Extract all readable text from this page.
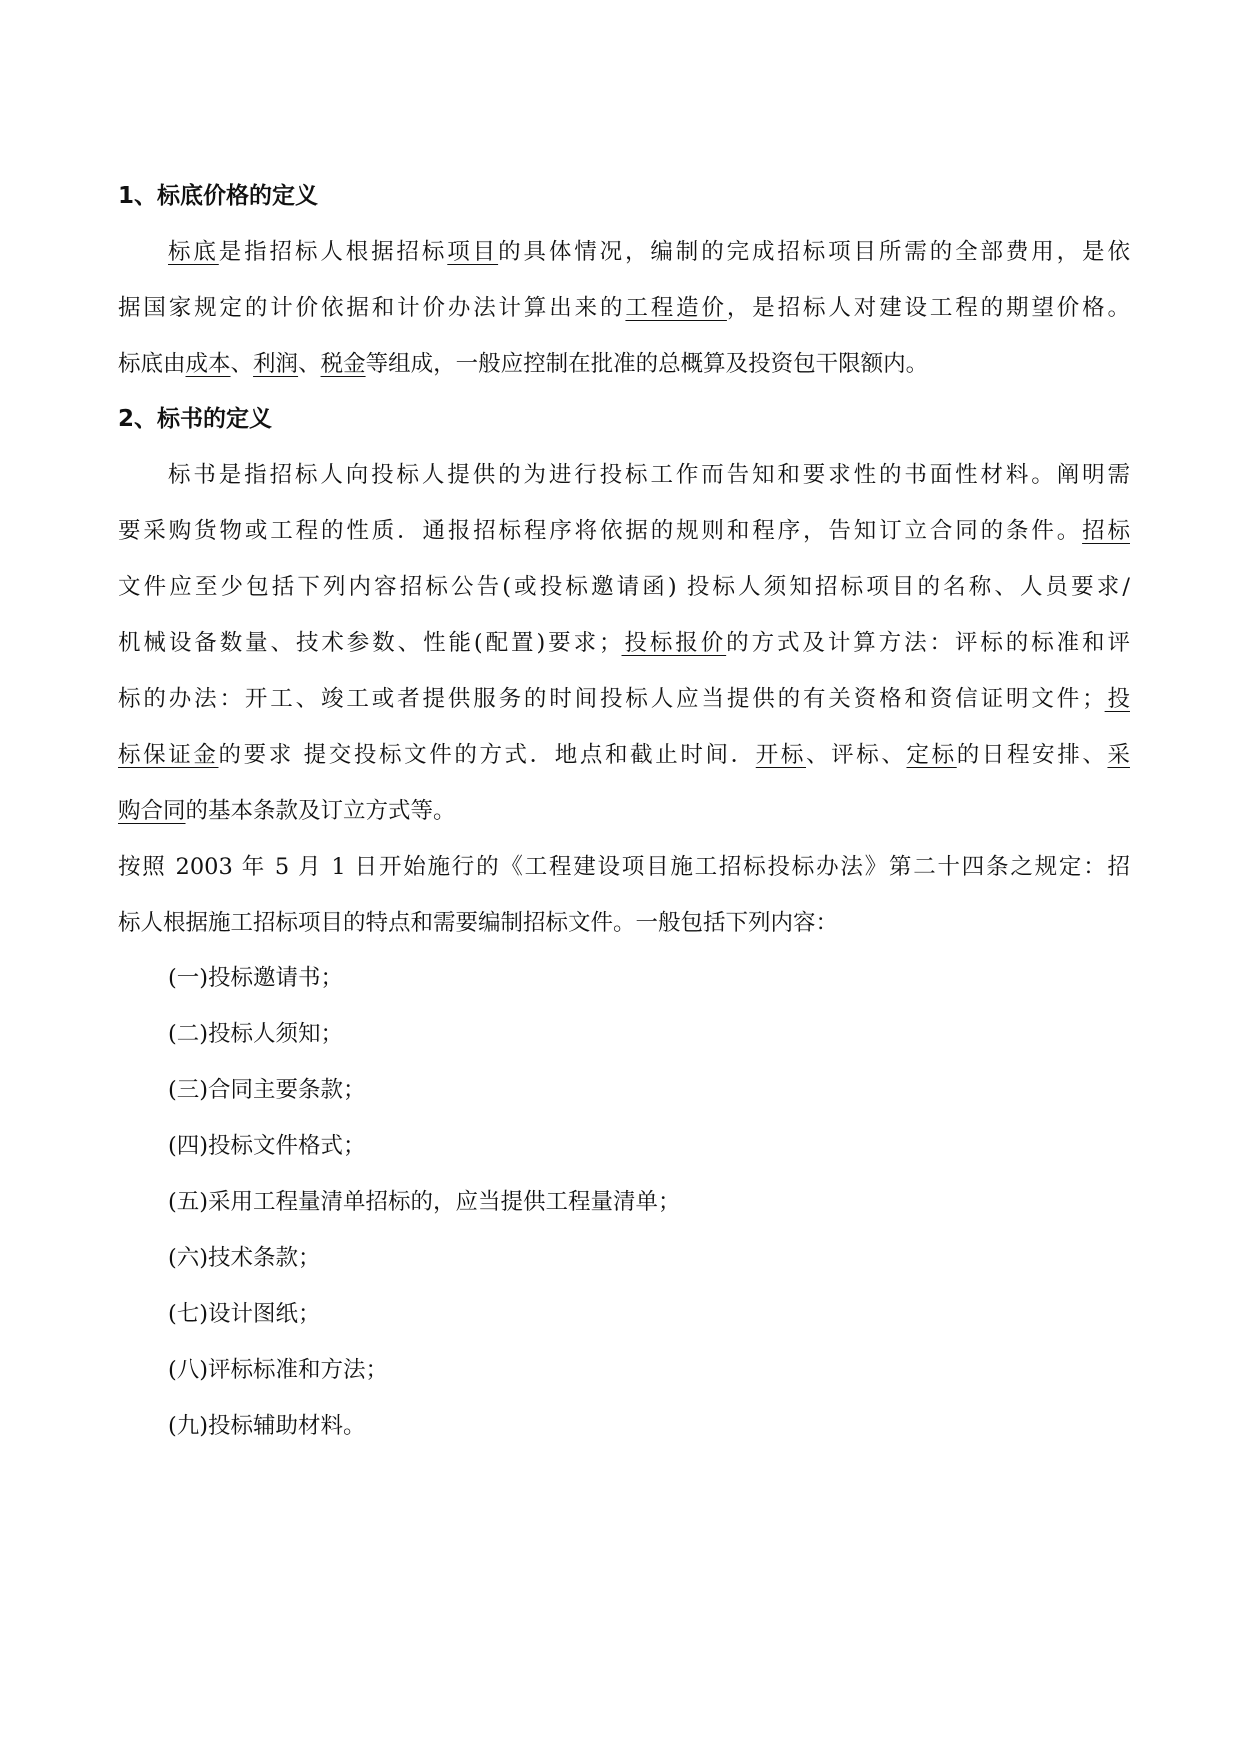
1、标底价格的定义
标底是指招标人根据招标项目的具体情况，编制的完成招标项目所需的全部费用，是依
据国家规定的计价依据和计价办法计算出来的工程造价，是招标人对建设工程的期望价格。
标底由成本、利润、税金等组成，一般应控制在批准的总概算及投资包干限额内。
2、标书的定义
标书是指招标人向投标人提供的为进行投标工作而告知和要求性的书面性材料。阐明需
要采购货物或工程的性质．通报招标程序将依据的规则和程序，告知订立合同的条件。招标
文件应至少包括下列内容招标公告(或投标邀请函) 投标人须知招标项目的名称、人员要求/
机械设备数量、技术参数、性能(配置)要求；投标报价的方式及计算方法：评标的标准和评
标的办法：开工、竣工或者提供服务的时间投标人应当提供的有关资格和资信证明文件；投
标保证金的要求 提交投标文件的方式．地点和截止时间．开标、评标、定标的日程安排、采
购合同的基本条款及订立方式等。
按照 2003 年 5 月 1 日开始施行的《工程建设项目施工招标投标办法》第二十四条之规定：招
标人根据施工招标项目的特点和需要编制招标文件。一般包括下列内容：
(一)投标邀请书；
(二)投标人须知；
(三)合同主要条款；
(四)投标文件格式；
(五)采用工程量清单招标的，应当提供工程量清单；
(六)技术条款；
(七)设计图纸；
(八)评标标准和方法；
(九)投标辅助材料。
